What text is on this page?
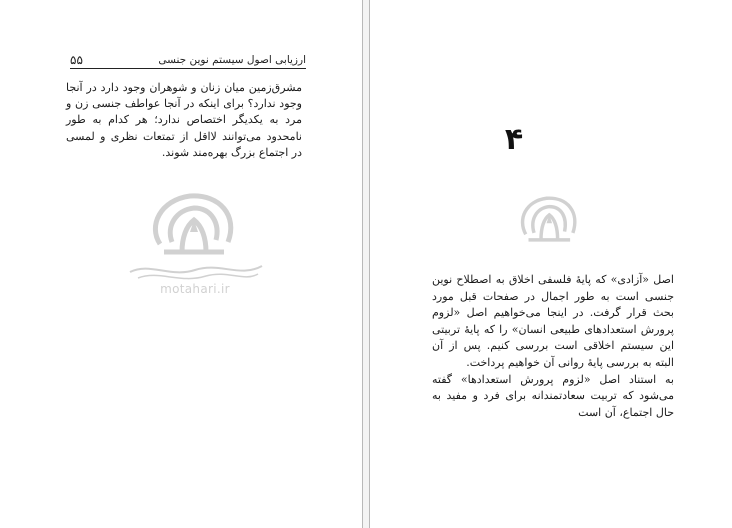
ارزيابی اصول سيستم نوين جنسی
۵۵

مشرق‌زمين ميان زنان و شوهران وجود دارد در آنجا وجود ندارد؟ برای اينکه در آنجا عواطف جنسی زن و مرد به يکديگر اختصاص ندارد؛ هر کدام به طور نامحدود می‌توانند لااقل از تمتعات نظری و لمسی در اجتماع بزرگ بهره‌مند شوند.

motahari.ir
۴

اصل «آزادی» که پايهٔ فلسفی اخلاق به اصطلاح نوين جنسی است به طور اجمال در صفحات قبل مورد بحث قرار گرفت. در اينجا می‌خواهيم اصل «لزوم پرورش استعدادهای طبيعی انسان» را که پايهٔ تربيتی اين سيستم اخلاقی است بررسی کنيم. پس از آن البته به بررسی پايهٔ روانی آن خواهيم پرداخت.

به استناد اصل «لزوم پرورش استعدادها» گفته می‌شود که تربيت سعادتمندانه برای فرد و مفيد به حال اجتماع، آن است
